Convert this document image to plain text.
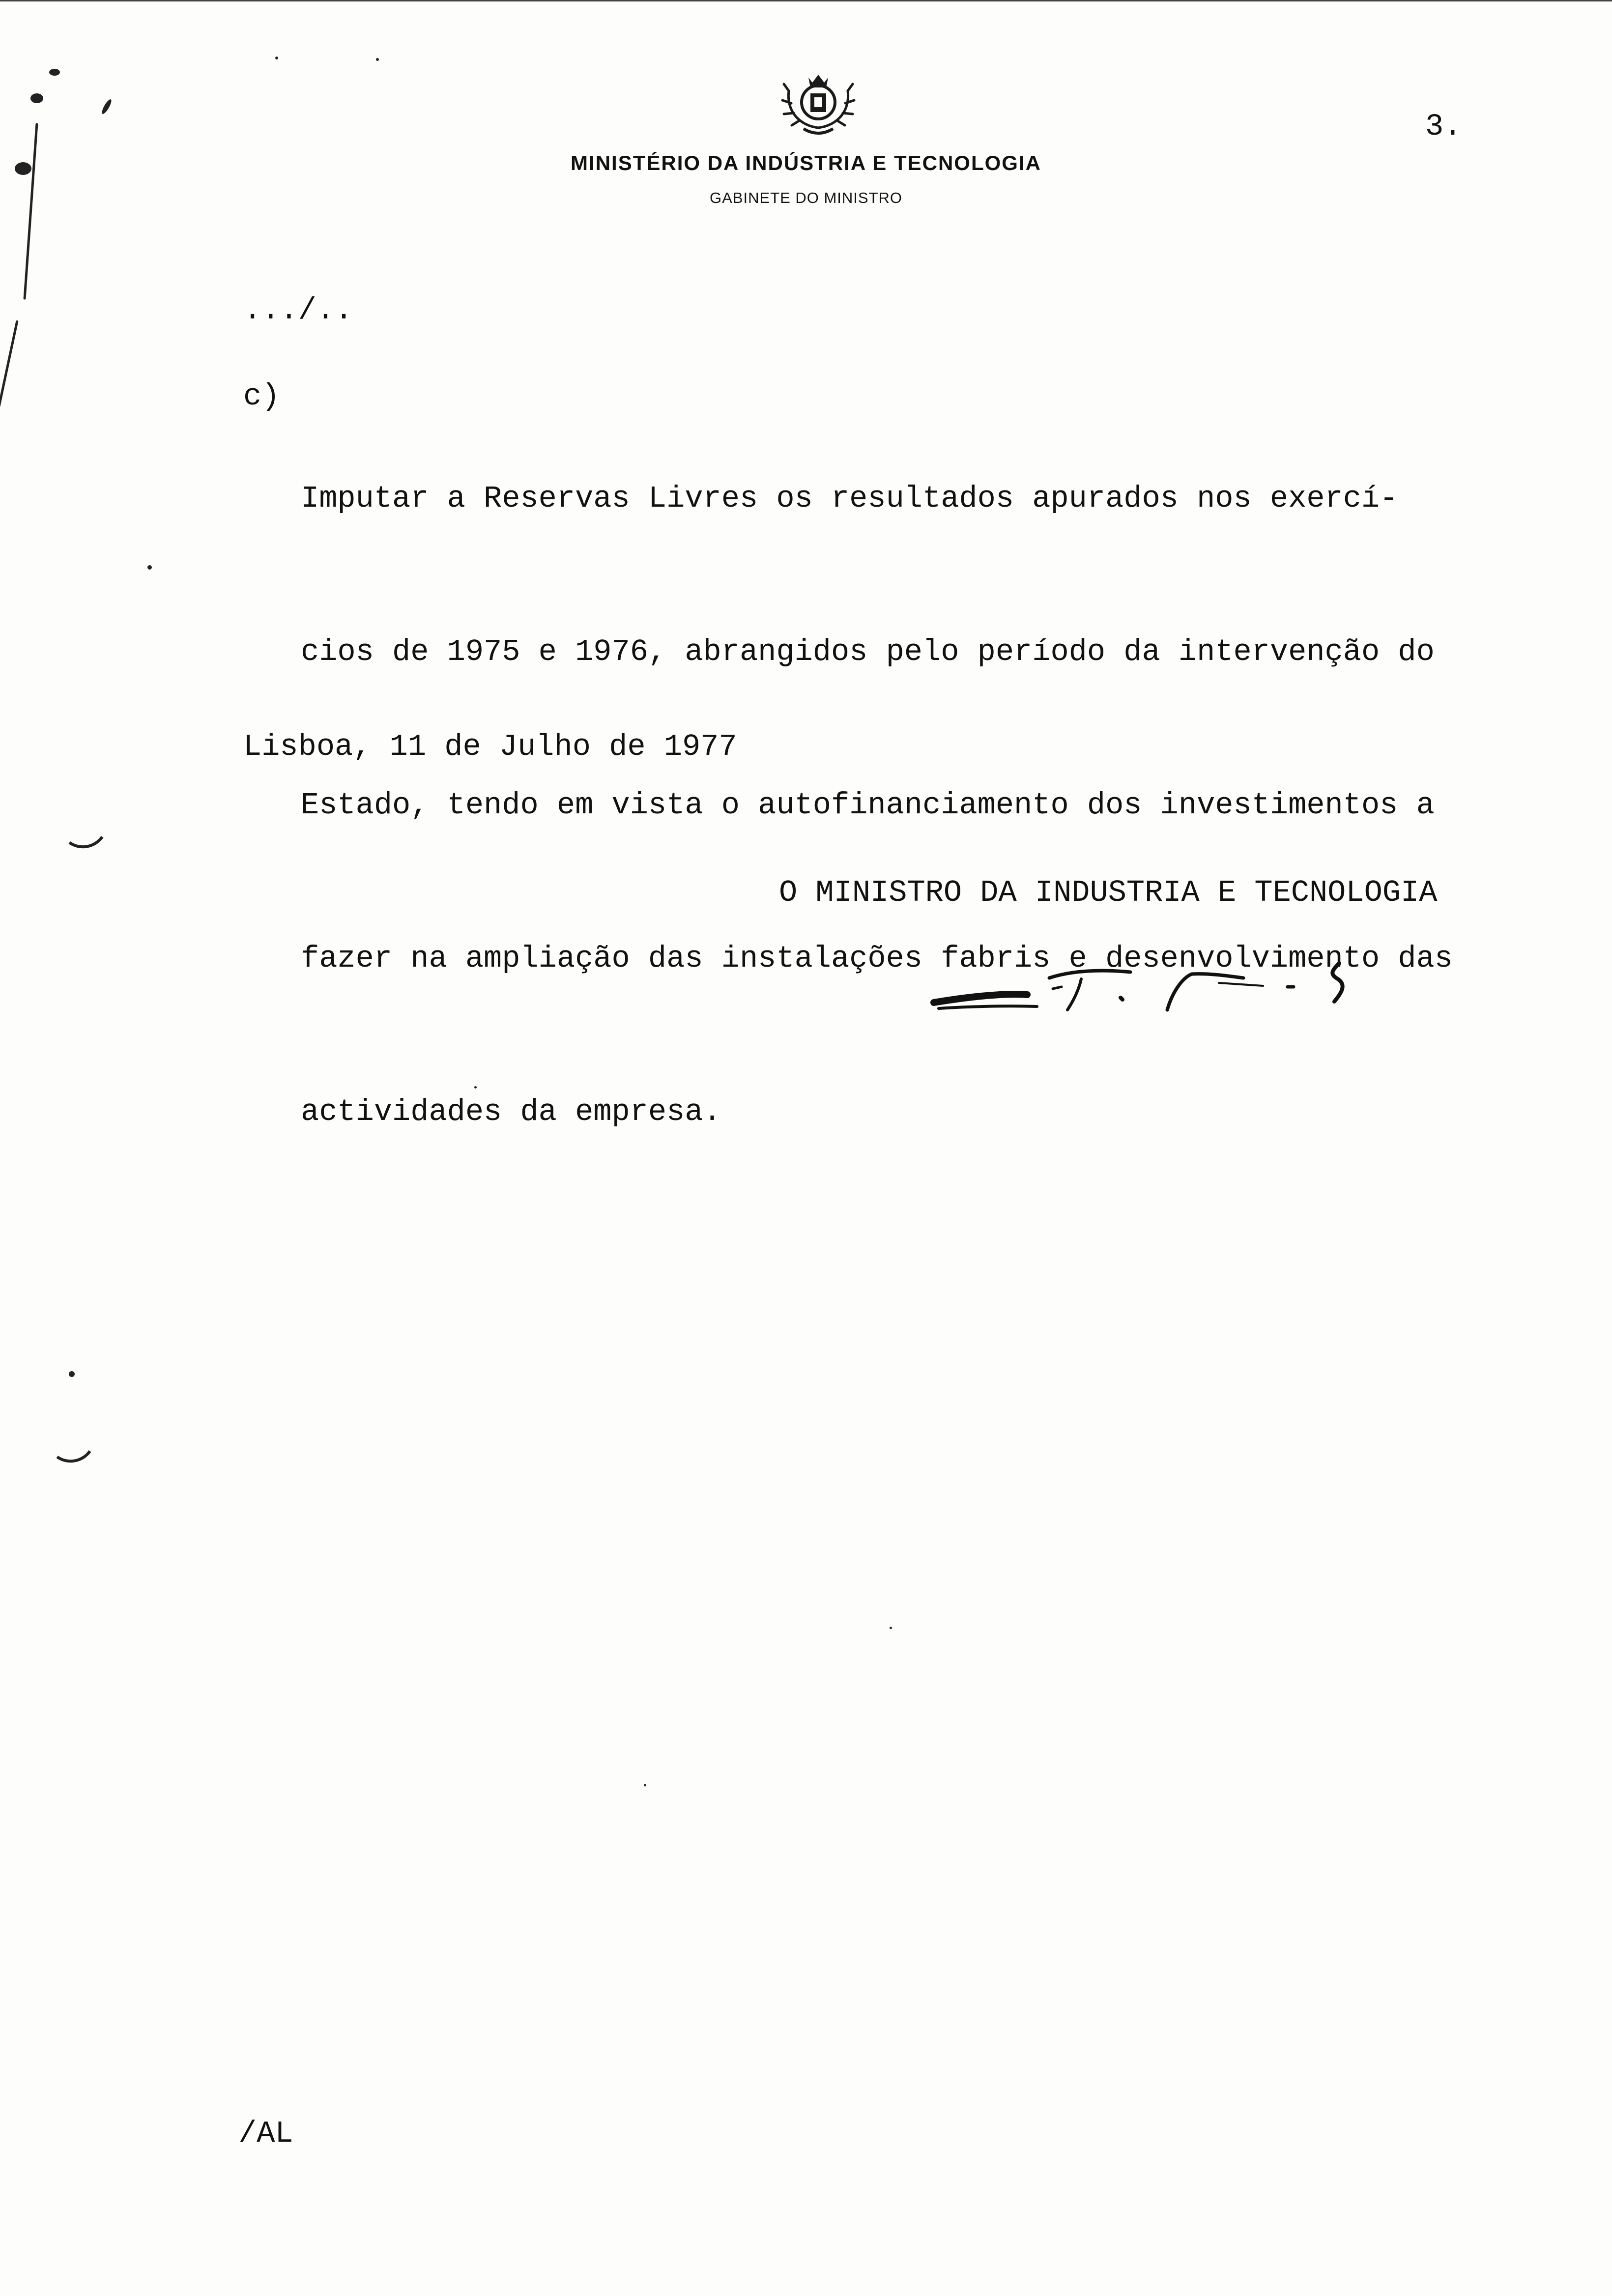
MINISTÉRIO DA INDÚSTRIA E TECNOLOGIA
GABINETE DO MINISTRO
3.
.../..
c)

Imputar a Reservas Livres os resultados apurados nos exercí-

cios de 1975 e 1976, abrangidos pelo período da intervenção do

Estado, tendo em vista o autofinanciamento dos investimentos a

fazer na ampliação das instalações fabris e desenvolvimento das

actividades da empresa.

Lisboa, 11 de Julho de 1977
O MINISTRO DA INDUSTRIA E TECNOLOGIA
/AL
